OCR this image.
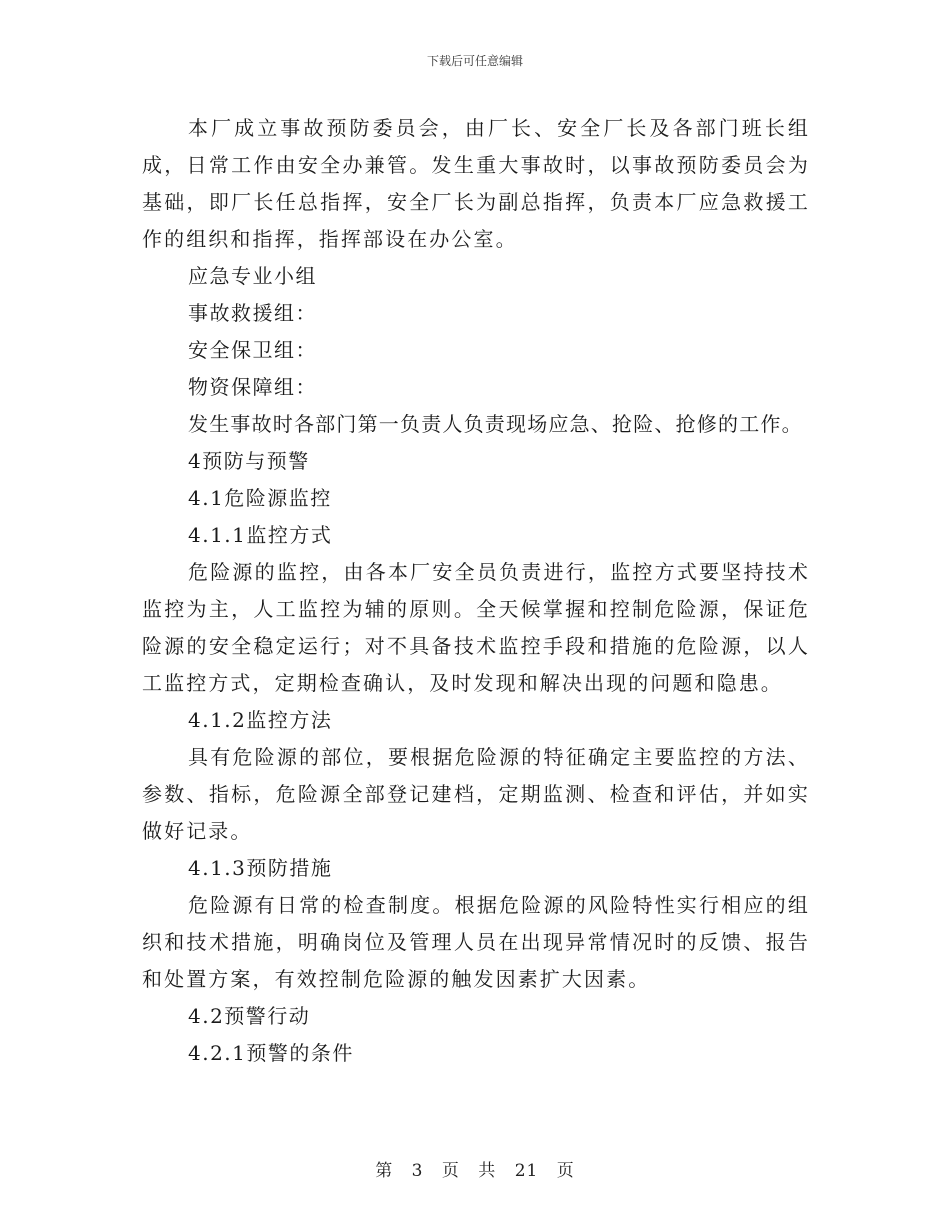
下载后可任意编辑

本厂成立事故预防委员会，由厂长、安全厂长及各部门班长组成，日常工作由安全办兼管。发生重大事故时，以事故预防委员会为基础，即厂长任总指挥，安全厂长为副总指挥，负责本厂应急救援工作的组织和指挥，指挥部设在办公室。

应急专业小组

事故救援组：

安全保卫组：

物资保障组：

发生事故时各部门第一负责人负责现场应急、抢险、抢修的工作。

4预防与预警

4.1危险源监控

4.1.1监控方式

危险源的监控，由各本厂安全员负责进行，监控方式要坚持技术监控为主，人工监控为辅的原则。全天候掌握和控制危险源，保证危险源的安全稳定运行；对不具备技术监控手段和措施的危险源，以人工监控方式，定期检查确认，及时发现和解决出现的问题和隐患。

4.1.2监控方法

具有危险源的部位，要根据危险源的特征确定主要监控的方法、参数、指标，危险源全部登记建档，定期监测、检查和评估，并如实做好记录。

4.1.3预防措施

危险源有日常的检查制度。根据危险源的风险特性实行相应的组织和技术措施，明确岗位及管理人员在出现异常情况时的反馈、报告和处置方案，有效控制危险源的触发因素扩大因素。

4.2预警行动

4.2.1预警的条件

第 3 页 共 21 页
